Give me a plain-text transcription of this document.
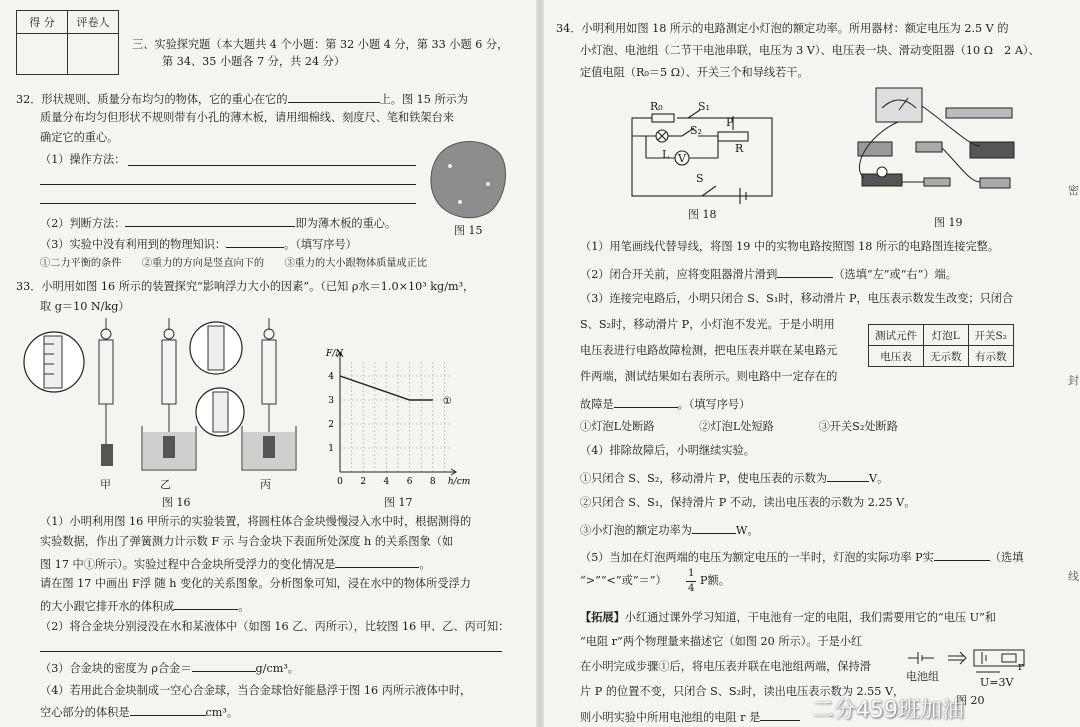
得 分	评卷人

三、实验探究题（本大题共 4 个小题：第 32 小题 4 分，第 33 小题 6 分，
第 34、35 小题各 7 分，共 24 分）
32．形状规则、质量分布均匀的物体，它的重心在它的	上。图 15 所示为
质量分布均匀但形状不规则带有小孔的薄木板，请用细棉线、刻度尺、笔和铁架台来
确定它的重心。
（1）操作方法：
（2）判断方法：	即为薄木板的重心。
（3）实验中没有利用到的物理知识：	。（填写序号）
①二力平衡的条件　　②重力的方向是竖直向下的　　③重力的大小跟物体质量成正比
图 15
33．小明用如图 16 所示的装置探究“影响浮力大小的因素”。（已知 ρ水＝1.0×10³ kg/m³，
取 g＝10 N/kg）
甲	乙	丙
图 16
0 2 4 6 8
1
2
3
4
F/N
h/cm
①
图 17
（1）小明利用图 16 甲所示的实验装置，将圆柱体合金块慢慢浸入水中时，根据测得的
实验数据，作出了弹簧测力计示数 F 示 与合金块下表面所处深度 h 的关系图象（如
图 17 中①所示）。实验过程中合金块所受浮力的变化情况是	。
请在图 17 中画出 F浮 随 h 变化的关系图象。分析图象可知，浸在水中的物体所受浮力
的大小跟它排开水的体积成	。
（2）将合金块分别浸没在水和某液体中（如图 16 乙、丙所示），比较图 16 甲、乙、丙可知：
（3）合金块的密度为 ρ合金＝	g/cm³。
（4）若用此合金块制成一空心合金球，当合金球恰好能悬浮于图 16 丙所示液体中时，
空心部分的体积是	cm³。
34．小明利用如图 18 所示的电路测定小灯泡的额定功率。所用器材：额定电压为 2.5 V 的
小灯泡、电池组（二节干电池串联，电压为 3 V）、电压表一块、滑动变阻器（10 Ω　2 A）、
定值电阻（R₀＝5 Ω）、开关三个和导线若干。
R₀	S₁
S₂
P
R
L V
S
图 18
图 19
（1）用笔画线代替导线，将图 19 中的实物电路按照图 18 所示的电路图连接完整。
（2）闭合开关前，应将变阻器滑片滑到	（选填“左”或“右”）端。
（3）连接完电路后，小明只闭合 S、S₁时，移动滑片 P，电压表示数发生改变；只闭合
S、S₂时，移动滑片 P，小灯泡不发光。于是小明用
电压表进行电路故障检测，把电压表并联在某电路元
件两端，测试结果如右表所示。则电路中一定存在的
故障是	。（填写序号）
测试元件	灯泡L	开关S₂
电压表	无示数	有示数
①灯泡L处断路　　　　②灯泡L处短路　　　　③开关S₂处断路
（4）排除故障后，小明继续实验。
①只闭合 S、S₂，移动滑片 P，使电压表的示数为	V。
②只闭合 S、S₁，保持滑片 P 不动，读出电压表的示数为 2.25 V。
③小灯泡的额定功率为	W。
（5）当加在灯泡两端的电压为额定电压的一半时，灯泡的实际功率 P实	（选填
“>”“<”或“＝”）
1
4
P额。
【拓展】小红通过课外学习知道，干电池有一定的电阻，我们需要用它的“电压 U”和
“电阻 r”两个物理量来描述它（如图 20 所示）。于是小红
在小明完成步骤①后，将电压表并联在电池组两端，保持滑
片 P 的位置不变，只闭合 S、S₂时，读出电压表示数为 2.55 V，
则小明实验中所用电池组的电阻 r 是
电池组	U=3V
r
图 20
密
封
线
二分459班加油
